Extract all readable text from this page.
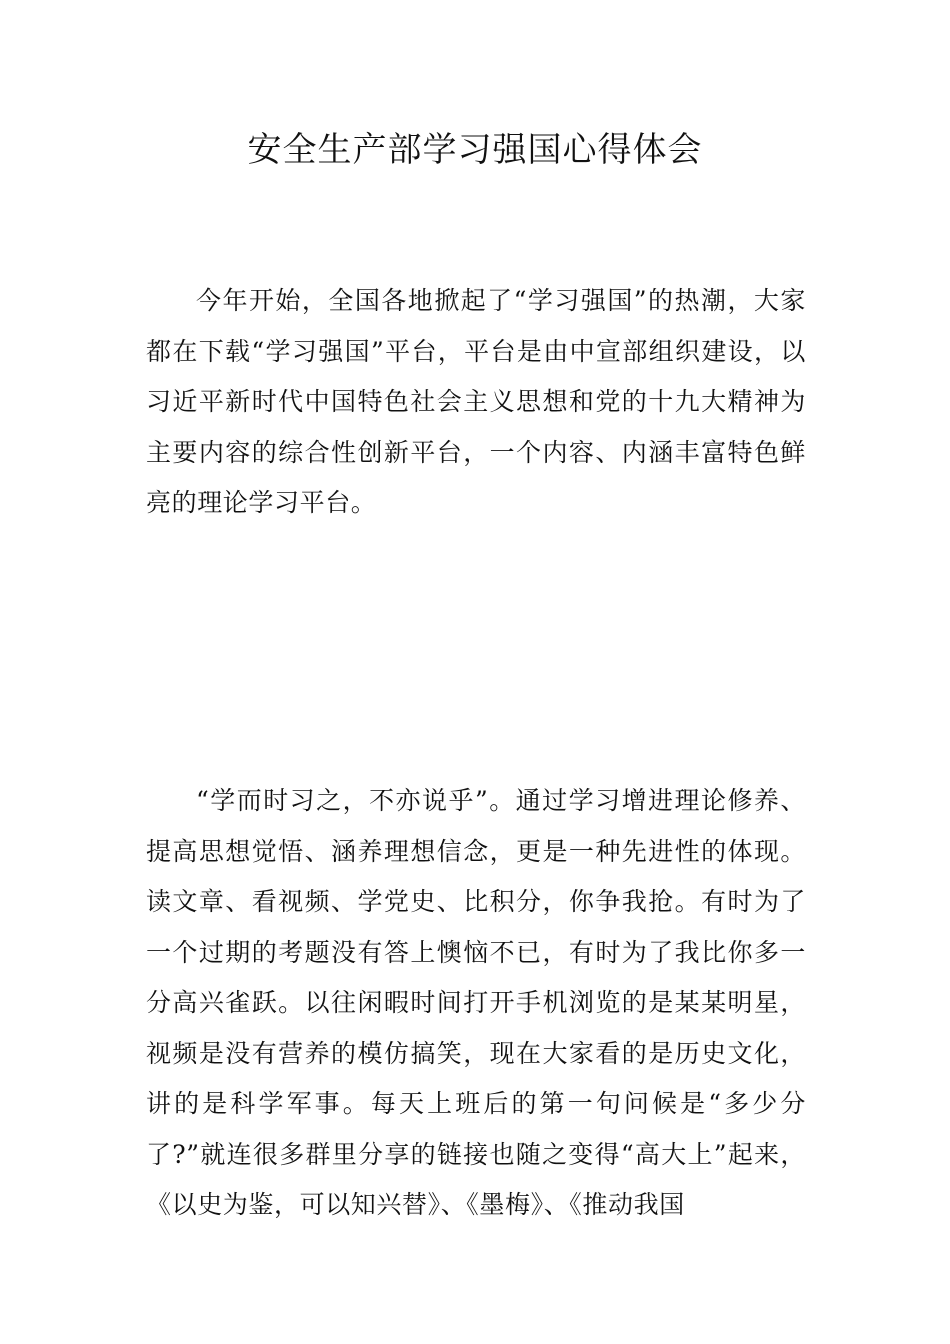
安全生产部学习强国心得体会

今年开始，全国各地掀起了“学习强国”的热潮，大家都在下载“学习强国”平台，平台是由中宣部组织建设，以习近平新时代中国特色社会主义思想和党的十九大精神为主要内容的综合性创新平台，一个内容、内涵丰富特色鲜亮的理论学习平台。

“学而时习之，不亦说乎”。通过学习增进理论修养、提高思想觉悟、涵养理想信念，更是一种先进性的体现。读文章、看视频、学党史、比积分，你争我抢。有时为了一个过期的考题没有答上懊恼不已，有时为了我比你多一分高兴雀跃。以往闲暇时间打开手机浏览的是某某明星，视频是没有营养的模仿搞笑，现在大家看的是历史文化，讲的是科学军事。每天上班后的第一句问候是“多少分了?”就连很多群里分享的链接也随之变得“高大上”起来，《以史为鉴，可以知兴替》、《墨梅》、《推动我国
